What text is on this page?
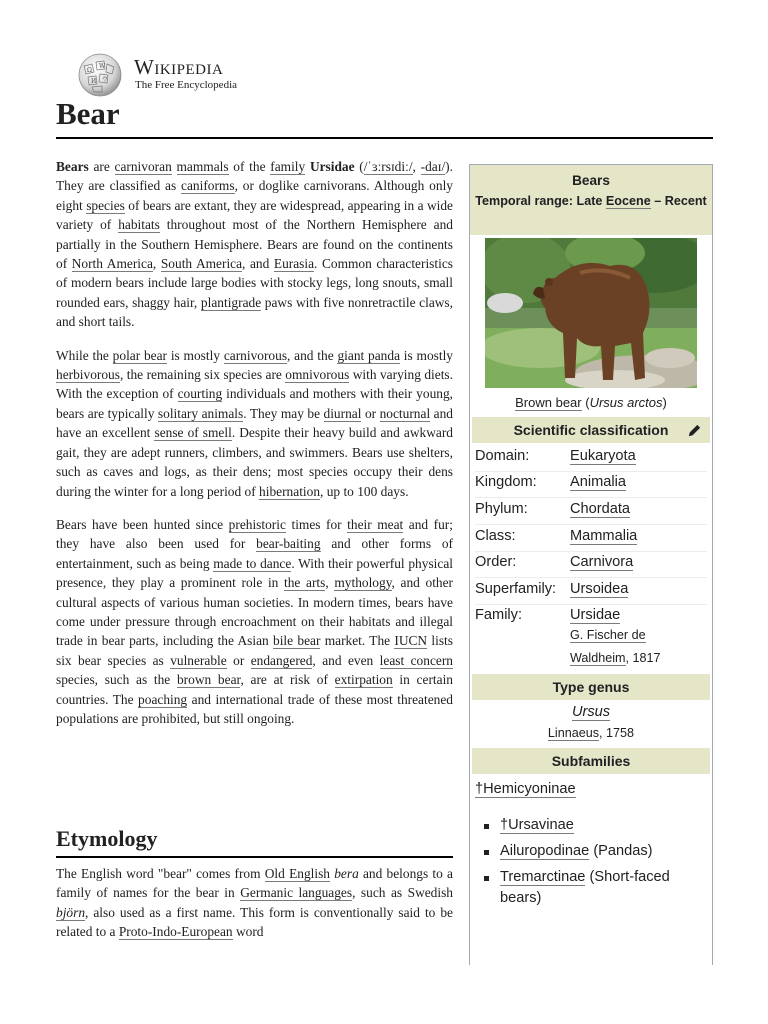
Ω
W
И ウ
Wikipedia
The Free Encyclopedia
Bear

Bears are carnivoran mammals of the family Ursidae (/ˈɜːrsɪdiː/, -daɪ/). They are classified as caniforms, or doglike carnivorans. Although only eight species of bears are extant, they are widespread, appearing in a wide variety of habitats throughout most of the Northern Hemisphere and partially in the Southern Hemisphere. Bears are found on the continents of North America, South America, and Eurasia. Common characteristics of modern bears include large bodies with stocky legs, long snouts, small rounded ears, shaggy hair, plantigrade paws with five nonretractile claws, and short tails.

While the polar bear is mostly carnivorous, and the giant panda is mostly herbivorous, the remaining six species are omnivorous with varying diets. With the exception of courting individuals and mothers with their young, bears are typically solitary animals. They may be diurnal or nocturnal and have an excellent sense of smell. Despite their heavy build and awkward gait, they are adept runners, climbers, and swimmers. Bears use shelters, such as caves and logs, as their dens; most species occupy their dens during the winter for a long period of hibernation, up to 100 days.

Bears have been hunted since prehistoric times for their meat and fur; they have also been used for bear-baiting and other forms of entertainment, such as being made to dance. With their powerful physical presence, they play a prominent role in the arts, mythology, and other cultural aspects of various human societies. In modern times, bears have come under pressure through encroachment on their habitats and illegal trade in bear parts, including the Asian bile bear market. The IUCN lists six bear species as vulnerable or endangered, and even least concern species, such as the brown bear, are at risk of extirpation in certain countries. The poaching and international trade of these most threatened populations are prohibited, but still ongoing.

Etymology
The English word "bear" comes from Old English bera and belongs to a family of names for the bear in Germanic languages, such as Swedish björn, also used as a first name. This form is conventionally said to be related to a Proto-Indo-European word
Bears
Temporal range: Late Eocene – Recent
Brown bear (Ursus arctos)
Scientific classification
Domain:	Eukaryota
Kingdom: Animalia
Phylum:	Chordata
Class:	Mammalia
Order:	Carnivora
Superfamily: Ursoidea
Family:	Ursidae
G. Fischer de
Waldheim, 1817
Type genus
Ursus
Linnaeus, 1758
Subfamilies
†Hemicyoninae
†Ursavinae
Ailuropodinae (Pandas)
Tremarctinae (Short-faced bears)
